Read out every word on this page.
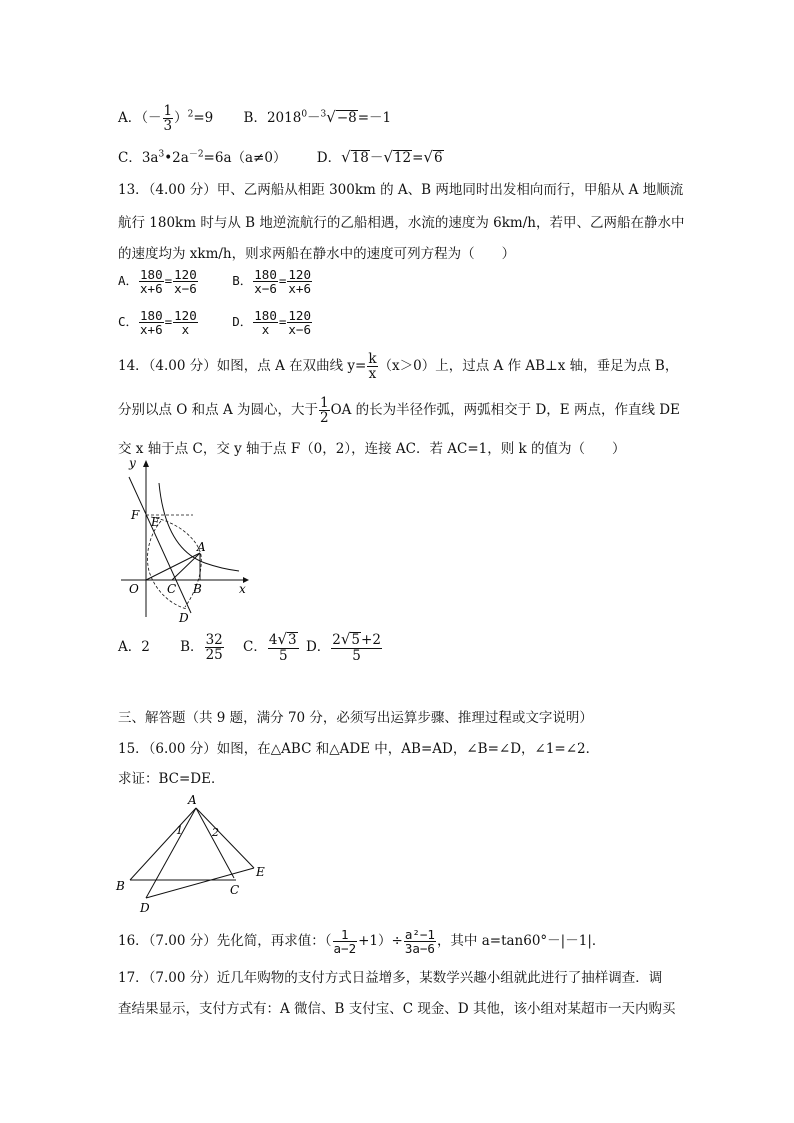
A．（－ $\frac{1}{3} )^2=9$ B．$2018^0-^3√-8=-1$
C．$3a^3•2a^{-2}=6a(a\ne 0)$ D．√18－√12=√6
13．（4.00 分）甲、乙两船从相距 300km 的 A、B 两地同时出发相向而行，甲船从 A 地顺流
航行 180km 时与从 B 地逆流航行的乙船相遇，水流的速度为 6km/h，若甲、乙两船在静水中
的速度均为 xkm/h，则求两船在静水中的速度可列方程为（　　）
A． $\frac{180}{x+6} = \frac{120}{x-6}$	B． $\frac{180}{x-6} = \frac{120}{x+6}$
C． $\frac{180}{x+6} = \frac{120}{x}$	D． $\frac{180}{x} = \frac{120}{x-6}$
14．（4.00 分）如图，点 A 在双曲线 $y= \frac{k}{x} (x>0)$上，过点 A 作 AB⊥x 轴，垂足为点 B，
分别以点 O 和点 A 为圆心，大于 $\frac{1}{2}$ OA 的长为半径作弧，两弧相交于 D，E 两点，作直线 DE
交 x 轴于点 C，交 y 轴于点 F（0，2），连接 AC．若 AC=1，则 k 的值为（　　）
y
x
F E
A
O C B
D
A．2 B． $\frac{32}{25}$ C． $\frac{4√3}{5}$ D． $\frac{2√5+2}{5}$
三、解答题（共 9 题，满分 70 分，必须写出运算步骤、推理过程或文字说明）
15．（6.00 分）如图，在△ABC 和△ADE 中，AB=AD，∠B=∠D，∠1=∠2．
求证：BC=DE．
A
1	2
B	C
E
D
16．（7.00 分）先化简，再求值：（ $\frac{1}{a-2} +1)\div \frac{\text{a²−1}}{3a-6}$ ，其中 a=tan60°－|－1|．
17．（7.00 分）近几年购物的支付方式日益增多，某数学兴趣小组就此进行了抽样调查．调
查结果显示，支付方式有：A 微信、B 支付宝、C 现金、D 其他，该小组对某超市一天内购买
